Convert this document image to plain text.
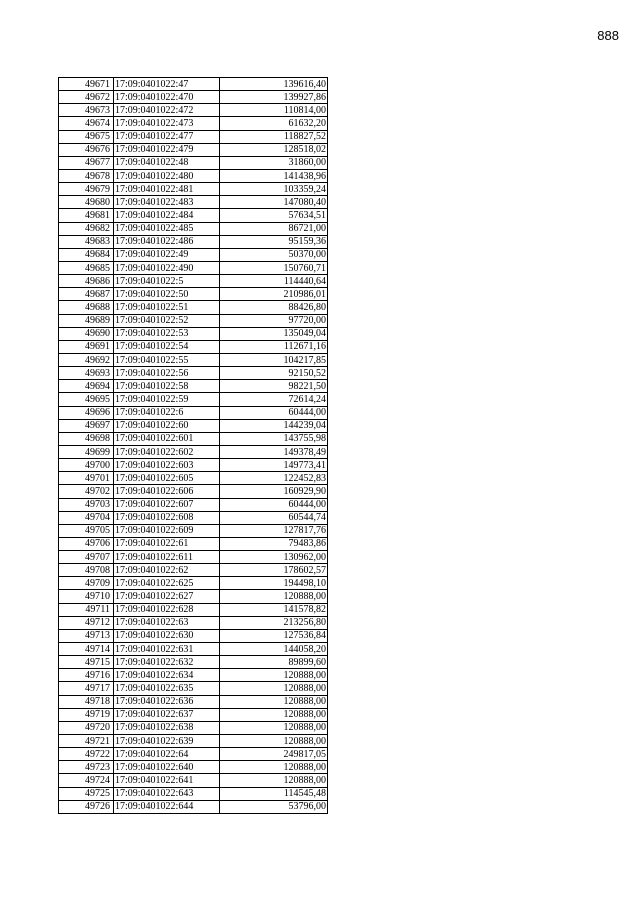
888
49671	17:09:0401022:47	139616,40
49672	17:09:0401022:470	139927,86
49673	17:09:0401022:472	110814,00
49674	17:09:0401022:473	61632,20
49675	17:09:0401022:477	118827,52
49676	17:09:0401022:479	128518,02
49677	17:09:0401022:48	31860,00
49678	17:09:0401022:480	141438,96
49679	17:09:0401022:481	103359,24
49680	17:09:0401022:483	147080,40
49681	17:09:0401022:484	57634,51
49682	17:09:0401022:485	86721,00
49683	17:09:0401022:486	95159,36
49684	17:09:0401022:49	50370,00
49685	17:09:0401022:490	150760,71
49686	17:09:0401022:5	114440,64
49687	17:09:0401022:50	210986,01
49688	17:09:0401022:51	88426,80
49689	17:09:0401022:52	97720,00
49690	17:09:0401022:53	135049,04
49691	17:09:0401022:54	112671,16
49692	17:09:0401022:55	104217,85
49693	17:09:0401022:56	92150,52
49694	17:09:0401022:58	98221,50
49695	17:09:0401022:59	72614,24
49696	17:09:0401022:6	60444,00
49697	17:09:0401022:60	144239,04
49698	17:09:0401022:601	143755,98
49699	17:09:0401022:602	149378,49
49700	17:09:0401022:603	149773,41
49701	17:09:0401022:605	122452,83
49702	17:09:0401022:606	160929,90
49703	17:09:0401022:607	60444,00
49704	17:09:0401022:608	60544,74
49705	17:09:0401022:609	127817,76
49706	17:09:0401022:61	79483,86
49707	17:09:0401022:611	130962,00
49708	17:09:0401022:62	178602,57
49709	17:09:0401022:625	194498,10
49710	17:09:0401022:627	120888,00
49711	17:09:0401022:628	141578,82
49712	17:09:0401022:63	213256,80
49713	17:09:0401022:630	127536,84
49714	17:09:0401022:631	144058,20
49715	17:09:0401022:632	89899,60
49716	17:09:0401022:634	120888,00
49717	17:09:0401022:635	120888,00
49718	17:09:0401022:636	120888,00
49719	17:09:0401022:637	120888,00
49720	17:09:0401022:638	120888,00
49721	17:09:0401022:639	120888,00
49722	17:09:0401022:64	249817,05
49723	17:09:0401022:640	120888,00
49724	17:09:0401022:641	120888,00
49725	17:09:0401022:643	114545,48
49726	17:09:0401022:644	53796,00
